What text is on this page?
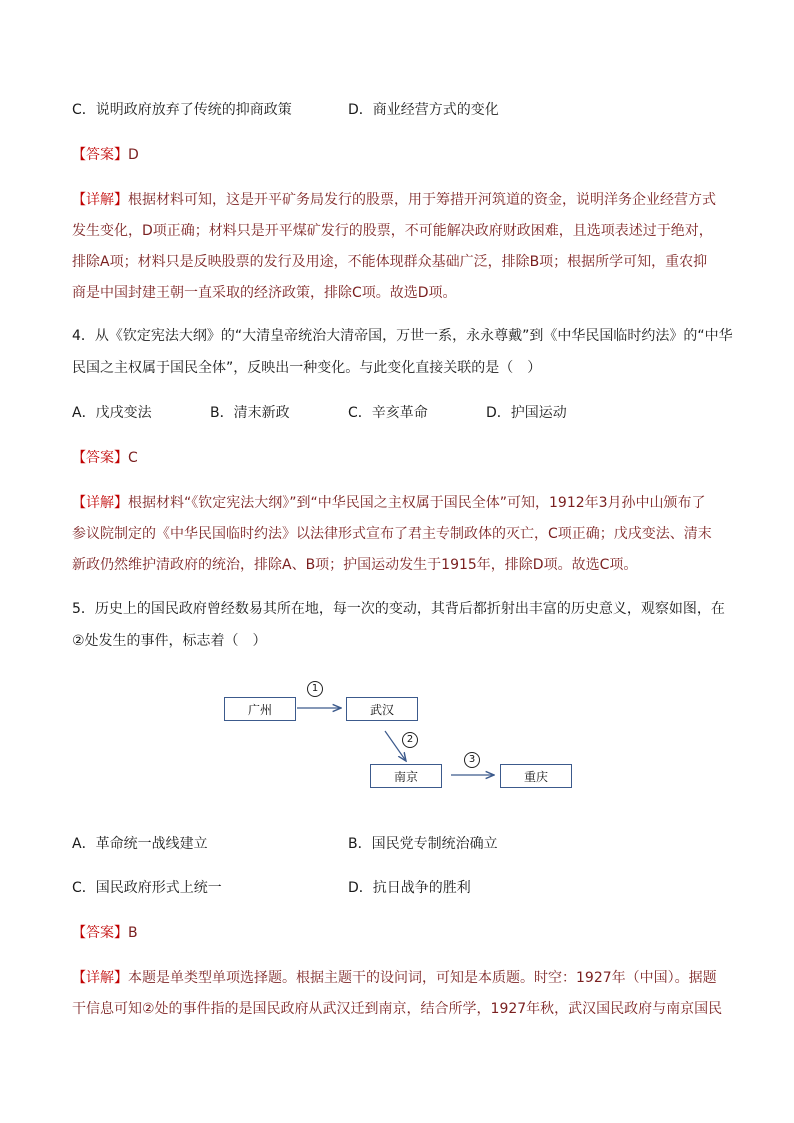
C．说明政府放弃了传统的抑商政策	D．商业经营方式的变化
【答案】D
【详解】根据材料可知，这是开平矿务局发行的股票，用于筹措开河筑道的资金，说明洋务企业经营方式
发生变化，D项正确；材料只是开平煤矿发行的股票，不可能解决政府财政困难，且选项表述过于绝对，
排除A项；材料只是反映股票的发行及用途，不能体现群众基础广泛，排除B项；根据所学可知，重农抑
商是中国封建王朝一直采取的经济政策，排除C项。故选D项。
4．从《钦定宪法大纲》的“大清皇帝统治大清帝国，万世一系，永永尊戴”到《中华民国临时约法》的“中华
民国之主权属于国民全体”，反映出一种变化。与此变化直接关联的是（　）
A．戊戌变法	B．清末新政	C．辛亥革命	D．护国运动
【答案】C
【详解】根据材料“《钦定宪法大纲》”到“中华民国之主权属于国民全体”可知，1912年3月孙中山颁布了
参议院制定的《中华民国临时约法》以法律形式宣布了君主专制政体的灭亡，C项正确；戊戌变法、清末
新政仍然维护清政府的统治，排除A、B项；护国运动发生于1915年，排除D项。故选C项。
5．历史上的国民政府曾经数易其所在地，每一次的变动，其背后都折射出丰富的历史意义，观察如图，在
②处发生的事件，标志着（　）
广州	武汉
南京	重庆
1
2
3
A．革命统一战线建立	B．国民党专制统治确立
C．国民政府形式上统一	D．抗日战争的胜利
【答案】B
【详解】本题是单类型单项选择题。根据主题干的设问词，可知是本质题。时空：1927年（中国）。据题
干信息可知②处的事件指的是国民政府从武汉迁到南京，结合所学，1927年秋，武汉国民政府与南京国民
